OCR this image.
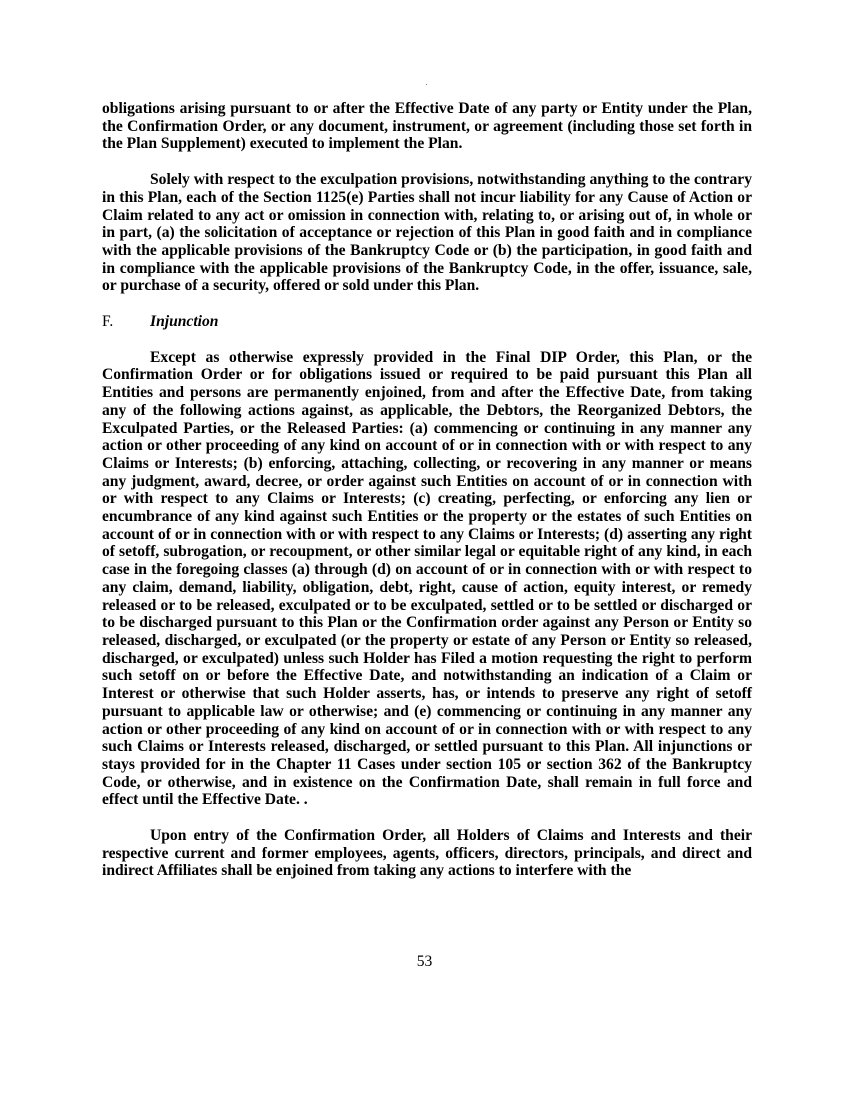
obligations arising pursuant to or after the Effective Date of any party or Entity under the Plan, the Confirmation Order, or any document, instrument, or agreement (including those set forth in the Plan Supplement) executed to implement the Plan.

Solely with respect to the exculpation provisions, notwithstanding anything to the contrary in this Plan, each of the Section 1125(e) Parties shall not incur liability for any Cause of Action or Claim related to any act or omission in connection with, relating to, or arising out of, in whole or in part, (a) the solicitation of acceptance or rejection of this Plan in good faith and in compliance with the applicable provisions of the Bankruptcy Code or (b) the participation, in good faith and in compliance with the applicable provisions of the Bankruptcy Code, in the offer, issuance, sale, or purchase of a security, offered or sold under this Plan.

F. Injunction

Except as otherwise expressly provided in the Final DIP Order, this Plan, or the Confirmation Order or for obligations issued or required to be paid pursuant this Plan all Entities and persons are permanently enjoined, from and after the Effective Date, from taking any of the following actions against, as applicable, the Debtors, the Reorganized Debtors, the Exculpated Parties, or the Released Parties: (a) commencing or continuing in any manner any action or other proceeding of any kind on account of or in connection with or with respect to any Claims or Interests; (b) enforcing, attaching, collecting, or recovering in any manner or means any judgment, award, decree, or order against such Entities on account of or in connection with or with respect to any Claims or Interests; (c) creating, perfecting, or enforcing any lien or encumbrance of any kind against such Entities or the property or the estates of such Entities on account of or in connection with or with respect to any Claims or Interests; (d) asserting any right of setoff, subrogation, or recoupment, or other similar legal or equitable right of any kind, in each case in the foregoing classes (a) through (d) on account of or in connection with or with respect to any claim, demand, liability, obligation, debt, right, cause of action, equity interest, or remedy released or to be released, exculpated or to be exculpated, settled or to be settled or discharged or to be discharged pursuant to this Plan or the Confirmation order against any Person or Entity so released, discharged, or exculpated (or the property or estate of any Person or Entity so released, discharged, or exculpated) unless such Holder has Filed a motion requesting the right to perform such setoff on or before the Effective Date, and notwithstanding an indication of a Claim or Interest or otherwise that such Holder asserts, has, or intends to preserve any right of setoff pursuant to applicable law or otherwise; and (e) commencing or continuing in any manner any action or other proceeding of any kind on account of or in connection with or with respect to any such Claims or Interests released, discharged, or settled pursuant to this Plan. All injunctions or stays provided for in the Chapter 11 Cases under section 105 or section 362 of the Bankruptcy Code, or otherwise, and in existence on the Confirmation Date, shall remain in full force and effect until the Effective Date. .

Upon entry of the Confirmation Order, all Holders of Claims and Interests and their respective current and former employees, agents, officers, directors, principals, and direct and indirect Affiliates shall be enjoined from taking any actions to interfere with the

53
